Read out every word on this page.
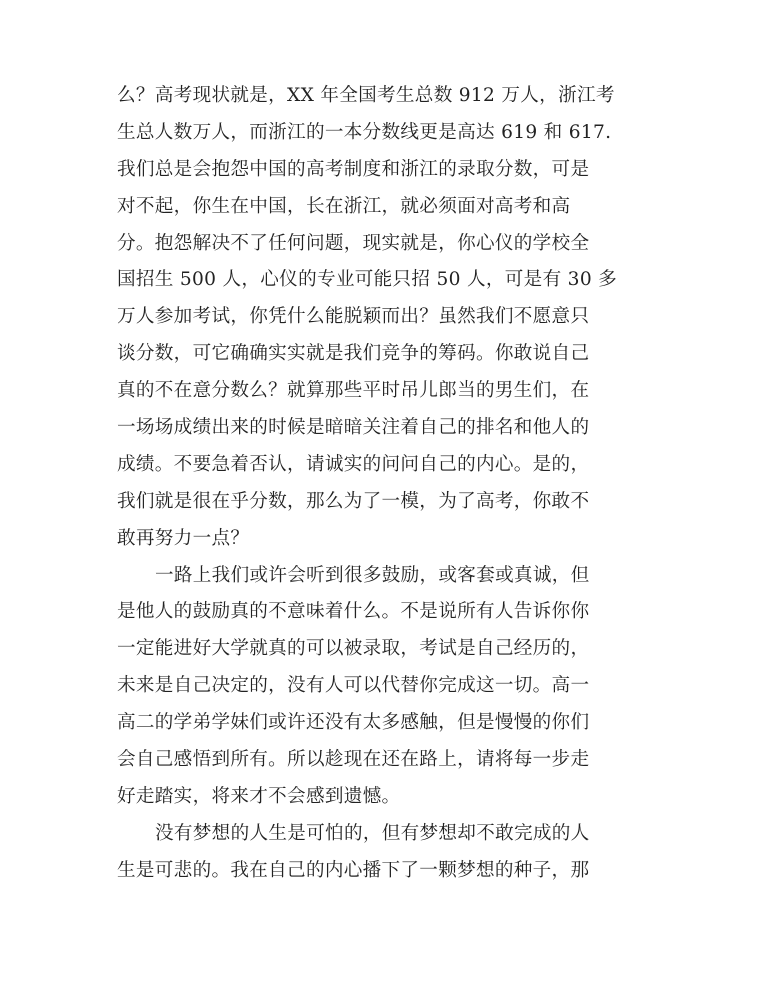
么？高考现状就是，XX 年全国考生总数 912 万人，浙江考
生总人数万人，而浙江的一本分数线更是高达 619 和 617.
我们总是会抱怨中国的高考制度和浙江的录取分数，可是
对不起，你生在中国，长在浙江，就必须面对高考和高
分。抱怨解决不了任何问题，现实就是，你心仪的学校全
国招生 500 人，心仪的专业可能只招 50 人，可是有 30 多
万人参加考试，你凭什么能脱颖而出？虽然我们不愿意只
谈分数，可它确确实实就是我们竞争的筹码。你敢说自己
真的不在意分数么？就算那些平时吊儿郎当的男生们，在
一场场成绩出来的时候是暗暗关注着自己的排名和他人的
成绩。不要急着否认，请诚实的问问自己的内心。是的，
我们就是很在乎分数，那么为了一模，为了高考，你敢不
敢再努力一点？
一路上我们或许会听到很多鼓励，或客套或真诚，但
是他人的鼓励真的不意味着什么。不是说所有人告诉你你
一定能进好大学就真的可以被录取，考试是自己经历的，
未来是自己决定的，没有人可以代替你完成这一切。高一
高二的学弟学妹们或许还没有太多感触，但是慢慢的你们
会自己感悟到所有。所以趁现在还在路上，请将每一步走
好走踏实，将来才不会感到遗憾。
没有梦想的人生是可怕的，但有梦想却不敢完成的人
生是可悲的。我在自己的内心播下了一颗梦想的种子，那
